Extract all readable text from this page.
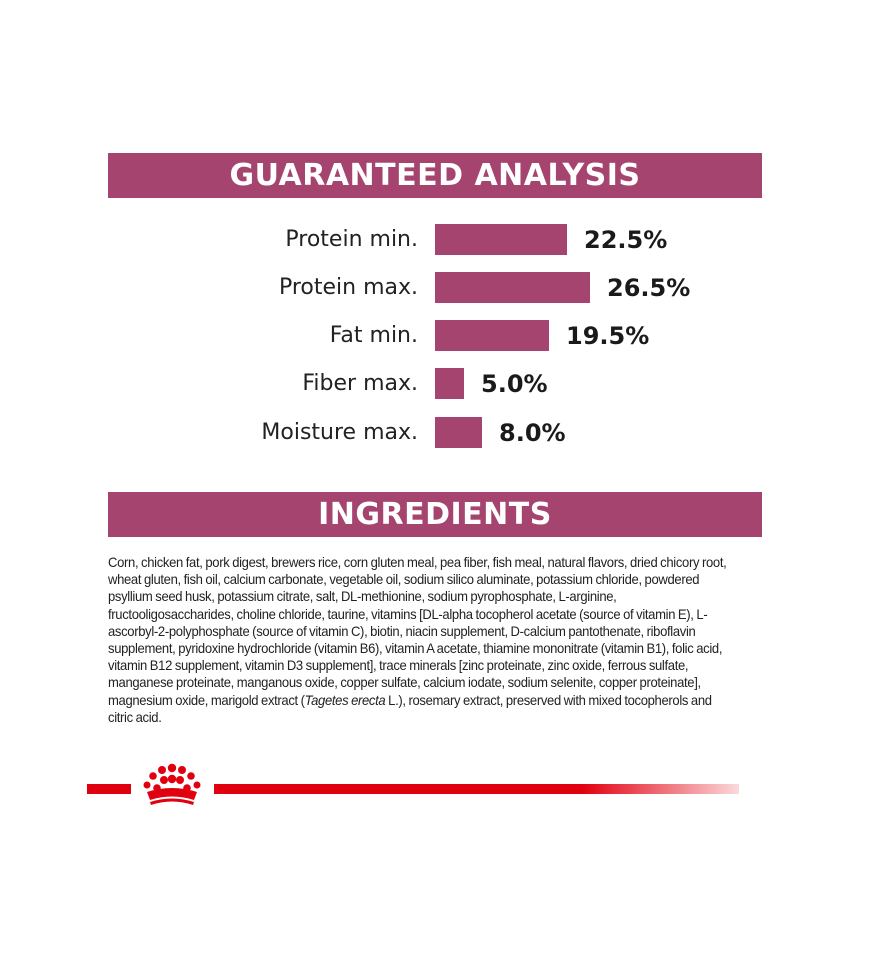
GUARANTEED ANALYSIS
Protein min.	22.5%
Protein max.	26.5%
Fat min.	19.5%
Fiber max.	5.0%
Moisture max.	8.0%
INGREDIENTS
Corn, chicken fat, pork digest, brewers rice, corn gluten meal, pea fiber, fish meal, natural flavors, dried chicory root, wheat gluten, fish oil, calcium carbonate, vegetable oil, sodium silico aluminate, potassium chloride, powdered psyllium seed husk, potassium citrate, salt, DL-methionine, sodium pyrophosphate, L-arginine, fructooligosaccharides, choline chloride, taurine, vitamins [DL-alpha tocopherol acetate (source of vitamin E), L-ascorbyl-2-polyphosphate (source of vitamin C), biotin, niacin supplement, D-calcium pantothenate, riboflavin supplement, pyridoxine hydrochloride (vitamin B6), vitamin A acetate, thiamine mononitrate (vitamin B1), folic acid, vitamin B12 supplement, vitamin D3 supplement], trace minerals [zinc proteinate, zinc oxide, ferrous sulfate, manganese proteinate, manganous oxide, copper sulfate, calcium iodate, sodium selenite, copper proteinate], magnesium oxide, marigold extract (Tagetes erecta L.), rosemary extract, preserved with mixed tocopherols and citric acid.
